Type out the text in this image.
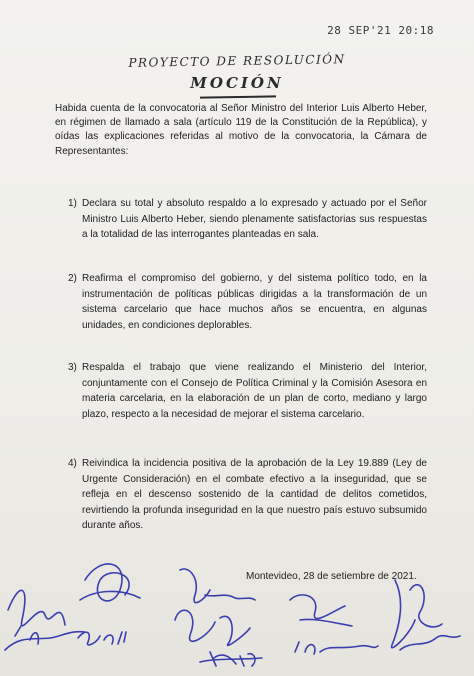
28 SEP'21 20:18
PROYECTO DE RESOLUCIÓN
MOCIÓN
Habida cuenta de la convocatoria al Señor Ministro del Interior Luis Alberto Heber, en régimen de llamado a sala (artículo 119 de la Constitución de la República), y oídas las explicaciones referidas al motivo de la convocatoria, la Cámara de Representantes:
1) Declara su total y absoluto respaldo a lo expresado y actuado por el Señor Ministro Luis Alberto Heber, siendo plenamente satisfactorias sus respuestas a la totalidad de las interrogantes planteadas en sala.
2) Reafirma el compromiso del gobierno, y del sistema político todo, en la instrumentación de políticas públicas dirigidas a la transformación de un sistema carcelario que hace muchos años se encuentra, en algunas unidades, en condiciones deplorables.
3) Respalda el trabajo que viene realizando el Ministerio del Interior, conjuntamente con el Consejo de Política Criminal y la Comisión Asesora en materia carcelaria, en la elaboración de un plan de corto, mediano y largo plazo, respecto a la necesidad de mejorar el sistema carcelario.
4) Reivindica la incidencia positiva de la aprobación de la Ley 19.889 (Ley de Urgente Consideración) en el combate efectivo a la inseguridad, que se refleja en el descenso sostenido de la cantidad de delitos cometidos, revirtiendo la profunda inseguridad en la que nuestro país estuvo subsumido durante años.
Montevideo, 28 de setiembre de 2021.
